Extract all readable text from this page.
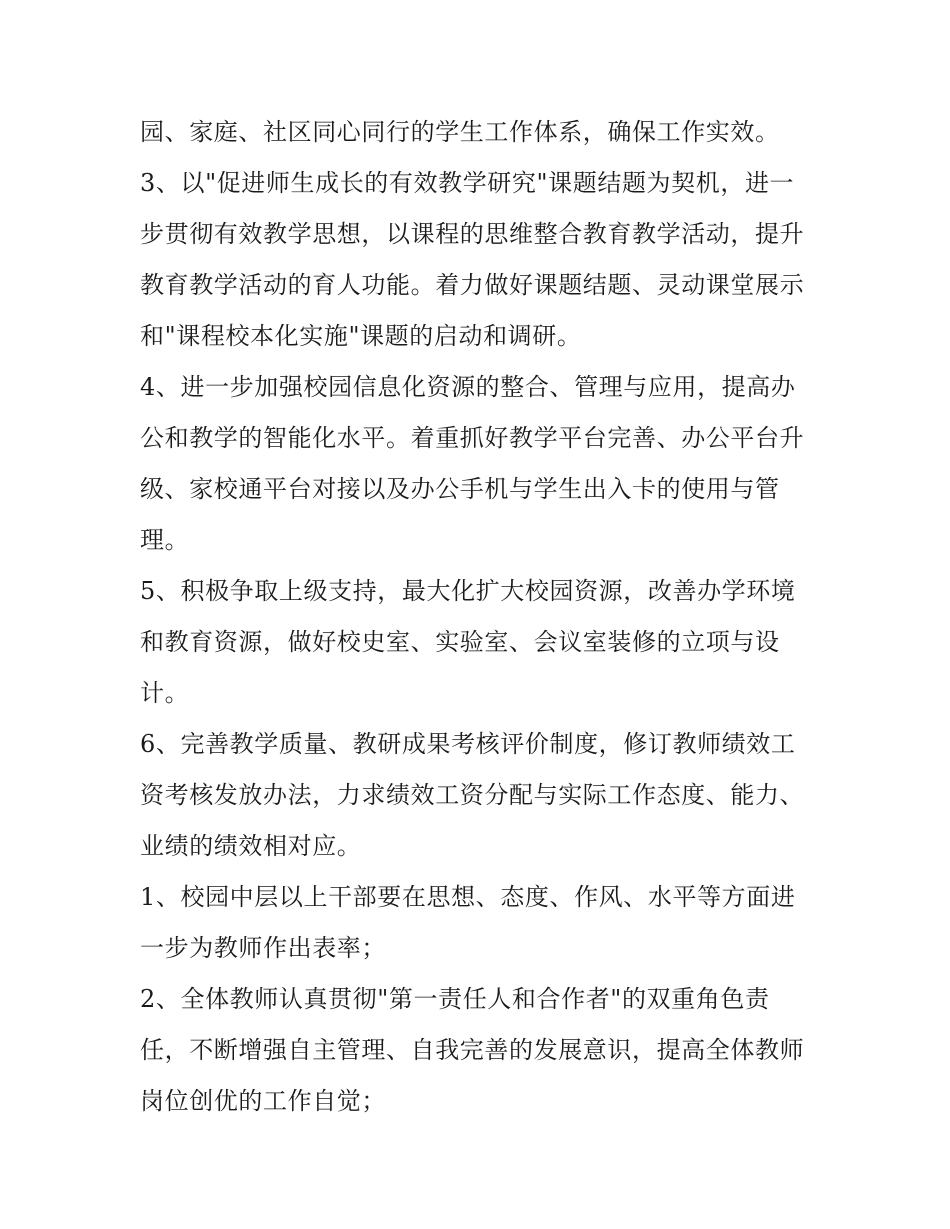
园、家庭、社区同心同行的学生工作体系，确保工作实效。
3、以"促进师生成长的有效教学研究"课题结题为契机，进一
步贯彻有效教学思想，以课程的思维整合教育教学活动，提升
教育教学活动的育人功能。着力做好课题结题、灵动课堂展示
和"课程校本化实施"课题的启动和调研。
4、进一步加强校园信息化资源的整合、管理与应用，提高办
公和教学的智能化水平。着重抓好教学平台完善、办公平台升
级、家校通平台对接以及办公手机与学生出入卡的使用与管
理。
5、积极争取上级支持，最大化扩大校园资源，改善办学环境
和教育资源，做好校史室、实验室、会议室装修的立项与设
计。
6、完善教学质量、教研成果考核评价制度，修订教师绩效工
资考核发放办法，力求绩效工资分配与实际工作态度、能力、
业绩的绩效相对应。
1、校园中层以上干部要在思想、态度、作风、水平等方面进
一步为教师作出表率；
2、全体教师认真贯彻"第一责任人和合作者"的双重角色责
任，不断增强自主管理、自我完善的发展意识，提高全体教师
岗位创优的工作自觉；
